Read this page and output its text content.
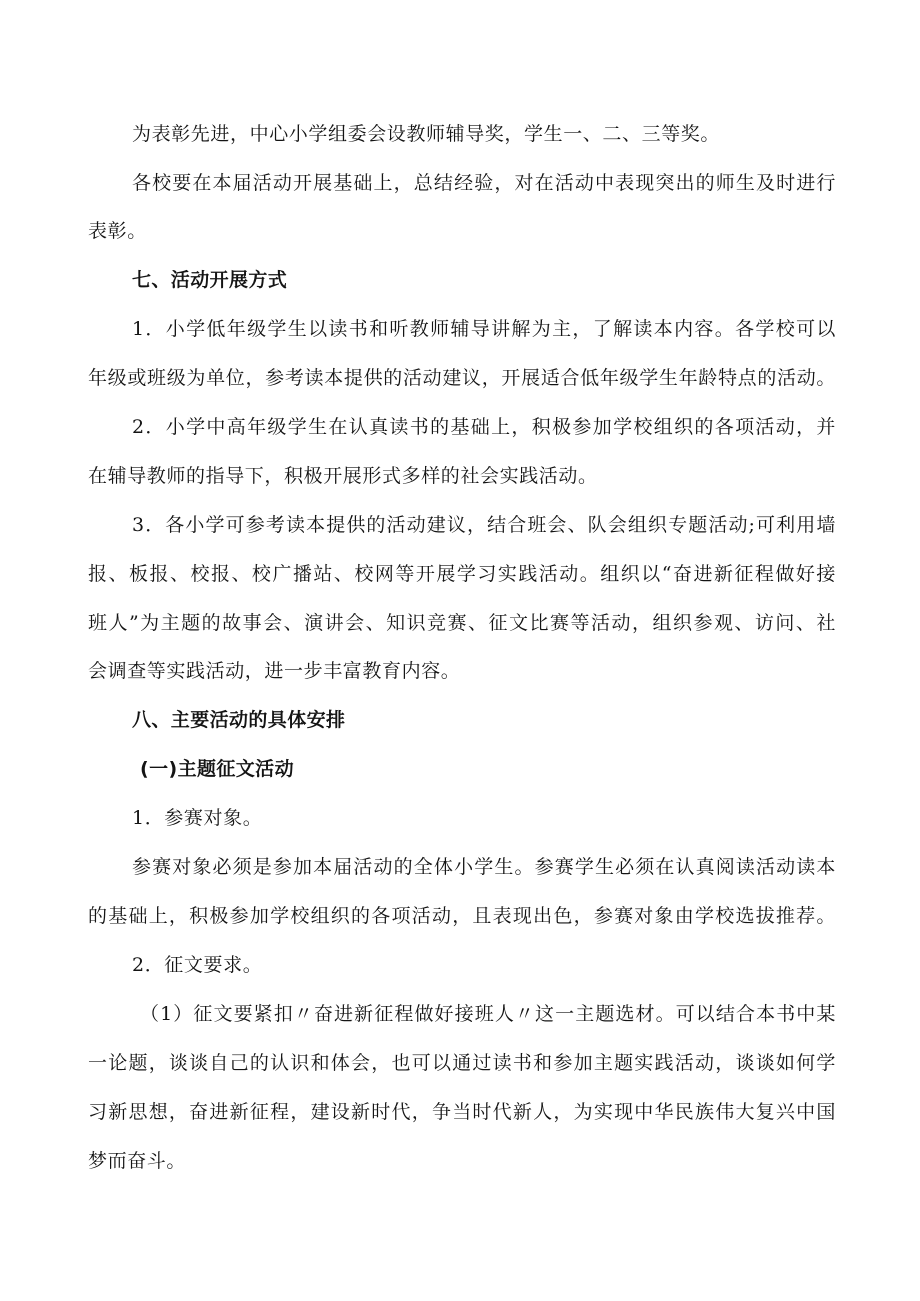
为表彰先进，中心小学组委会设教师辅导奖，学生一、二、三等奖。
各校要在本届活动开展基础上，总结经验，对在活动中表现突出的师生及时进行
表彰。
七、活动开展方式
1．小学低年级学生以读书和听教师辅导讲解为主，了解读本内容。各学校可以
年级或班级为单位，参考读本提供的活动建议，开展适合低年级学生年龄特点的活动。
2．小学中高年级学生在认真读书的基础上，积极参加学校组织的各项活动，并
在辅导教师的指导下，积极开展形式多样的社会实践活动。
3．各小学可参考读本提供的活动建议，结合班会、队会组织专题活动;可利用墙
报、板报、校报、校广播站、校网等开展学习实践活动。组织以“奋进新征程做好接
班人”为主题的故事会、演讲会、知识竞赛、征文比赛等活动，组织参观、访问、社
会调查等实践活动，进一步丰富教育内容。
八、主要活动的具体安排
(一)主题征文活动
1．参赛对象。
参赛对象必须是参加本届活动的全体小学生。参赛学生必须在认真阅读活动读本
的基础上，积极参加学校组织的各项活动，且表现出色，参赛对象由学校选拔推荐。
2．征文要求。
（1）征文要紧扣〃奋进新征程做好接班人〃这一主题选材。可以结合本书中某
一论题，谈谈自己的认识和体会，也可以通过读书和参加主题实践活动，谈谈如何学
习新思想，奋进新征程，建设新时代，争当时代新人，为实现中华民族伟大复兴中国
梦而奋斗。
